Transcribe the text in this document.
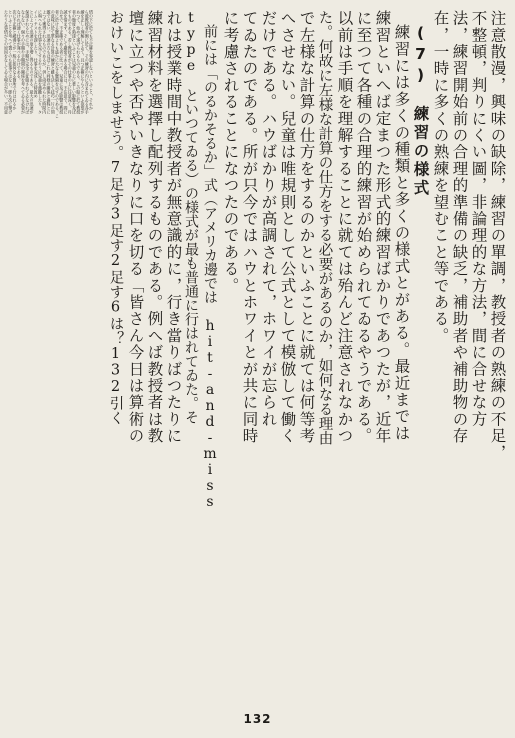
注意散漫，興味の缺除，練習の單調，教授者の熟練の不足，
不整頓，判りにくい圖，非論理的な方法，間に合せな方
法，練習開始前の合理的準備の缺乏，補助者や補助物の存
在，一時に多くの熟練を望むこと等である。
(7)　練習の様式
練習には多くの種類と多くの様式とがある。最近までは
練習といへば定まつた形式的練習ばかりであつたが，近年
に至つて各種の合理的練習が始められてゐるやうである。
以前は手順を理解することに就ては殆んど注意されなかつ
た。何故に左様な計算の仕方をする必要があるのか，如何なる理由
で左様な計算の仕方をするのかといふことに就ては何等考
へさせない。兒童は唯規則として公式として模倣して働く
だけである。ハウばかりが高調されて，ホワイが忘られ
てゐたのである。所が只今ではハウとホワイとが共に同時
に考慮されることになつたのである。
前には「のるかそるか」式（アメリカ邊では　hit-and-miss
type　といつてゐる）の様式が最も普通に行はれてゐた。そ
れは授業時間中教授者が無意識的に，行き當りばつたりに
練習材料を選擇し配列するものである。例へば教授者は教
壇に立つや否やいきなりに口を切る「皆さん今日は算術の
おけいこをしませう。7足す3足す2足す6は？132引く
情の下に於ても不正確を容認しないといふこと，それか
ら被教授者の側に於て，その練習の内に含まれてゐる各手
續を正しく理解してゐて，且つ正確にやらうといふ欲望が
あつて，始めて遂げられるものである。この點に於て教授
者の態度と熟達といふことは兒童の上に著しい影響を及ぼ
すものである。若し教授者がその仕事の上に注意深く，丹
誠を惜まず，そして嚴密である場合には，不注意で，間に
合せで，不正確である者に比べて，兒童に及ぶ影響は教授
者に於ける懸隔よりも遙かに大なる懸隔を示すのである。こ
の意味に於て單なる計算の練習と雖も決して技巧一片の問
題ではない。迅速の方もほぼこれと同様の關係と過程とに
よつて獲得されるものであるが，併し尙定められた時間内
に與へられた仕事を完了するやうに兒童を激勵したり，タ
イム・テストを課したり，仕事を完成した時賞め
とによつて迅速の度を増し得るものである。最大の迅速が
保證されるためには，手順が完全に征服されてゐなければ
ならない。個々の手順や手順間の關係を考へてゐる必要が
なければ速く仕事が運べるわけである。
次に不正確と緩漫とが一般に如何なる箇所で行はれるか
といふことを考へて置くのも徒事ではない。卽ち次に擧げ
たやうな事情がその原因をなしてゐる場合が多い。不用意
132
